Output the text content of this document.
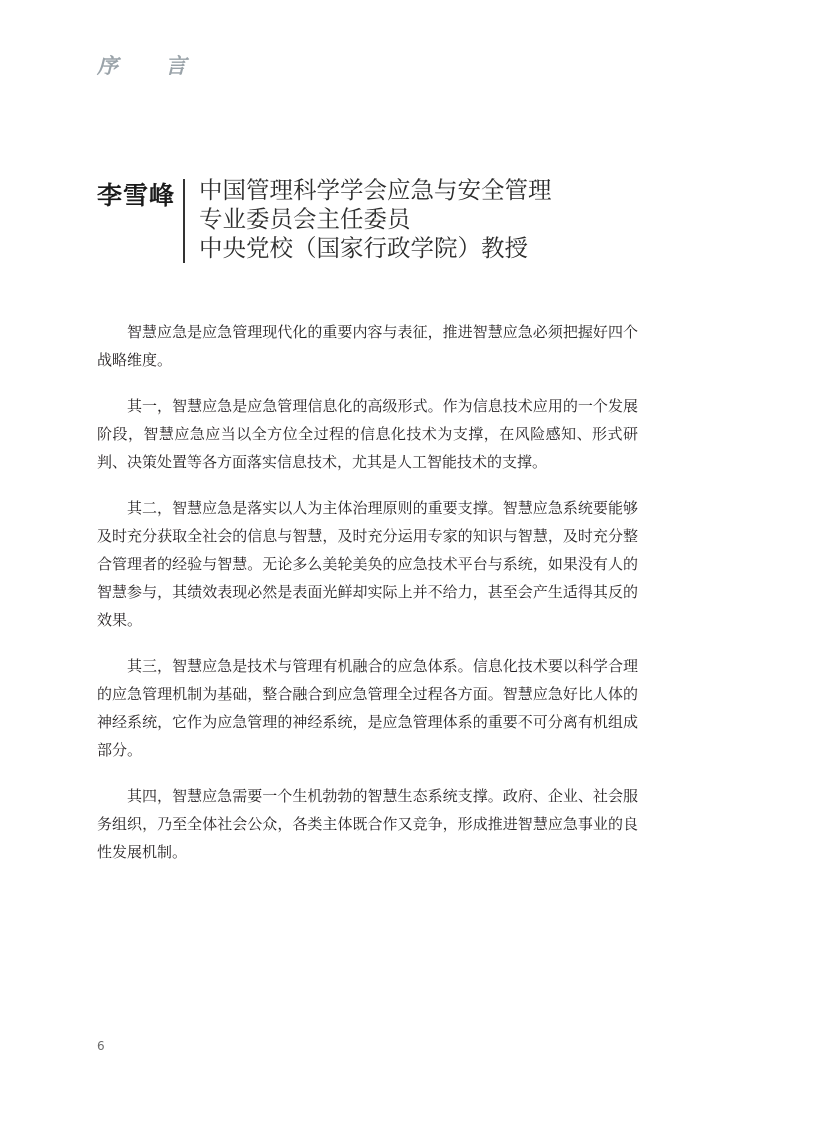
序 言
李雪峰 中国管理科学学会应急与安全管理
专业委员会主任委员
中央党校（国家行政学院）教授

智慧应急是应急管理现代化的重要内容与表征，推进智慧应急必须把握好四个战略维度。

其一，智慧应急是应急管理信息化的高级形式。作为信息技术应用的一个发展阶段，智慧应急应当以全方位全过程的信息化技术为支撑，在风险感知、形式研判、决策处置等各方面落实信息技术，尤其是人工智能技术的支撑。

其二，智慧应急是落实以人为主体治理原则的重要支撑。智慧应急系统要能够及时充分获取全社会的信息与智慧，及时充分运用专家的知识与智慧，及时充分整合管理者的经验与智慧。无论多么美轮美奂的应急技术平台与系统，如果没有人的智慧参与，其绩效表现必然是表面光鲜却实际上并不给力，甚至会产生适得其反的效果。

其三，智慧应急是技术与管理有机融合的应急体系。信息化技术要以科学合理的应急管理机制为基础，整合融合到应急管理全过程各方面。智慧应急好比人体的神经系统，它作为应急管理的神经系统，是应急管理体系的重要不可分离有机组成部分。

其四，智慧应急需要一个生机勃勃的智慧生态系统支撑。政府、企业、社会服务组织，乃至全体社会公众，各类主体既合作又竞争，形成推进智慧应急事业的良性发展机制。

6
